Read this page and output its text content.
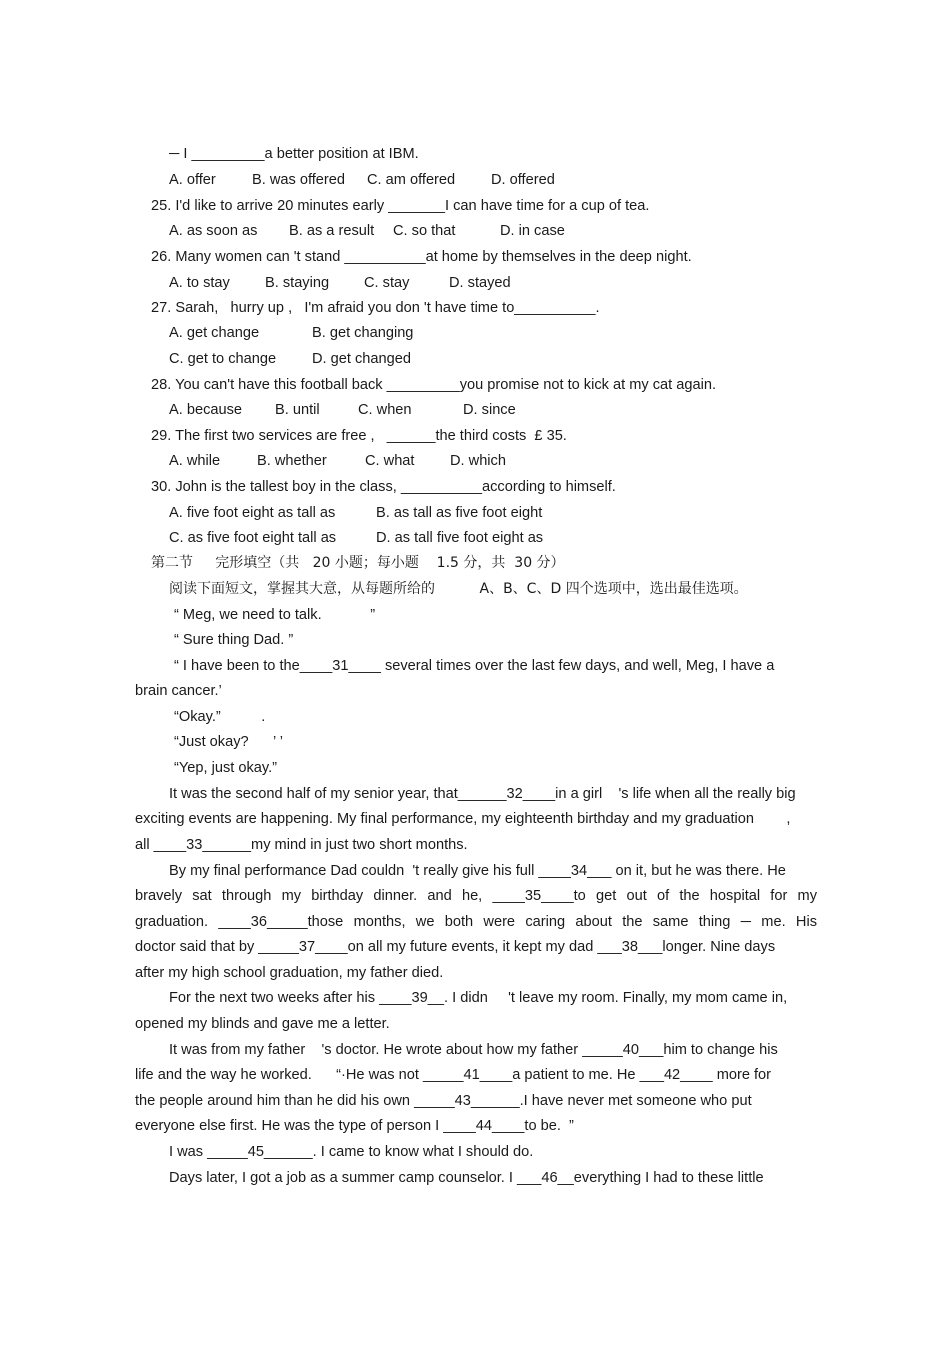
─ I _________a better position at IBM.
A. offer B. was offered C. am offered D. offered
25. I'd like to arrive 20 minutes early _______I can have time for a cup of tea.
A. as soon as B. as a result C. so that	D. in case
26. Many women can 't stand __________at home by themselves in the deep night.
A. to stay B. staying C. stay	D. stayed
27. Sarah,   hurry up ,   I'm afraid you don 't have time to__________.
A. get change	B. get changing
C. get to change D. get changed
28. You can't have this football back _________you promise not to kick at my cat again.
A. because B. until	C. when	D. since
29. The first two services are free ,   ______the third costs  £ 35.
A. while	B. whether	C. what D. which
30. John is the tallest boy in the class, __________according to himself.
A. five foot eight as tall as	B. as tall as five foot eight
C. as five foot eight tall as	D. as tall five foot eight as
第二节     完形填空（共   20 小题；每小题    1.5 分，共  30 分）
阅读下面短文，掌握其大意，从每题所给的          A、B、C、D 四个选项中，选出最佳选项。
“ Meg, we need to talk.            ”
“ Sure thing Dad. ”
“ I have been to the____31____ several times over the last few days, and well, Meg, I have a
brain cancer.’
“Okay.”          .
“Just okay?      ’ ’
“Yep, just okay.”
It was the second half of my senior year, that______32____in a girl    's life when all the really big
exciting events are happening. My final performance, my eighteenth birthday and my graduation        ,
all ____33______my mind in just two short months.
By my final performance Dad couldn  't really give his full ____34___ on it, but he was there. He
bravely sat through my birthday dinner. and he, ____35____to get out of the hospital for my
graduation. ____36_____those months, we both were caring about the same thing ─ me. His
doctor said that by _____37____on all my future events, it kept my dad ___38___longer. Nine days
after my high school graduation, my father died.
For the next two weeks after his ____39__. I didn     't leave my room. Finally, my mom came in,
opened my blinds and gave me a letter.
It was from my father    's doctor. He wrote about how my father _____40___him to change his
life and the way he worked.      “·He was not _____41____a patient to me. He ___42____ more for
the people around him than he did his own _____43______.I have never met someone who put
everyone else first. He was the type of person I ____44____to be.  ”
I was _____45______. I came to know what I should do.
Days later, I got a job as a summer camp counselor. I ___46__everything I had to these little
